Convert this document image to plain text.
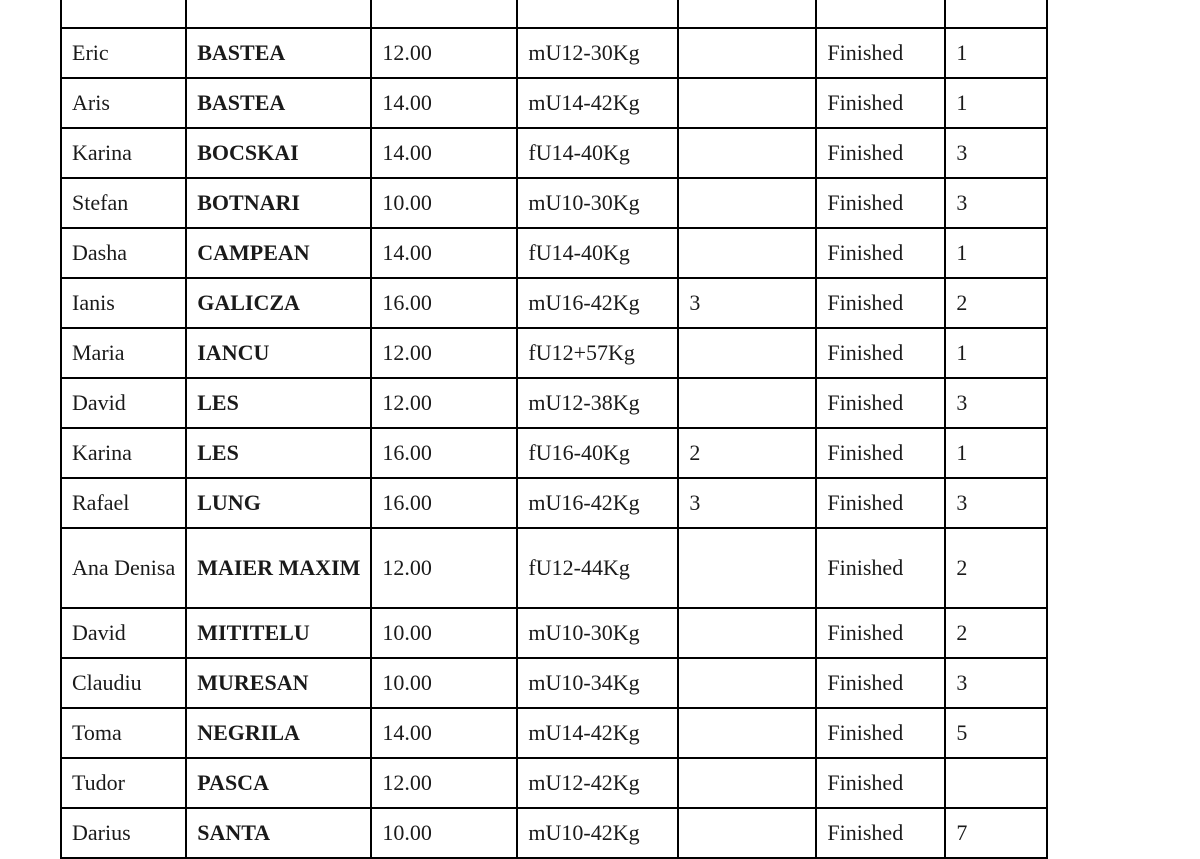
Eric	BASTEA	12.00	mU12-30Kg		Finished	1
Aris	BASTEA	14.00	mU14-42Kg		Finished	1
Karina	BOCSKAI	14.00	fU14-40Kg		Finished	3
Stefan	BOTNARI	10.00	mU10-30Kg		Finished	3
Dasha	CAMPEAN	14.00	fU14-40Kg		Finished	1
Ianis	GALICZA	16.00	mU16-42Kg	3	Finished	2
Maria	IANCU	12.00	fU12+57Kg		Finished	1
David	LES	12.00	mU12-38Kg		Finished	3
Karina	LES	16.00	fU16-40Kg	2	Finished	1
Rafael	LUNG	16.00	mU16-42Kg	3	Finished	3
Ana Denisa	MAIER MAXIM	12.00	fU12-44Kg		Finished	2
David	MITITELU	10.00	mU10-30Kg		Finished	2
Claudiu	MURESAN	10.00	mU10-34Kg		Finished	3
Toma	NEGRILA	14.00	mU14-42Kg		Finished	5
Tudor	PASCA	12.00	mU12-42Kg		Finished	
Darius	SANTA	10.00	mU10-42Kg		Finished	7
